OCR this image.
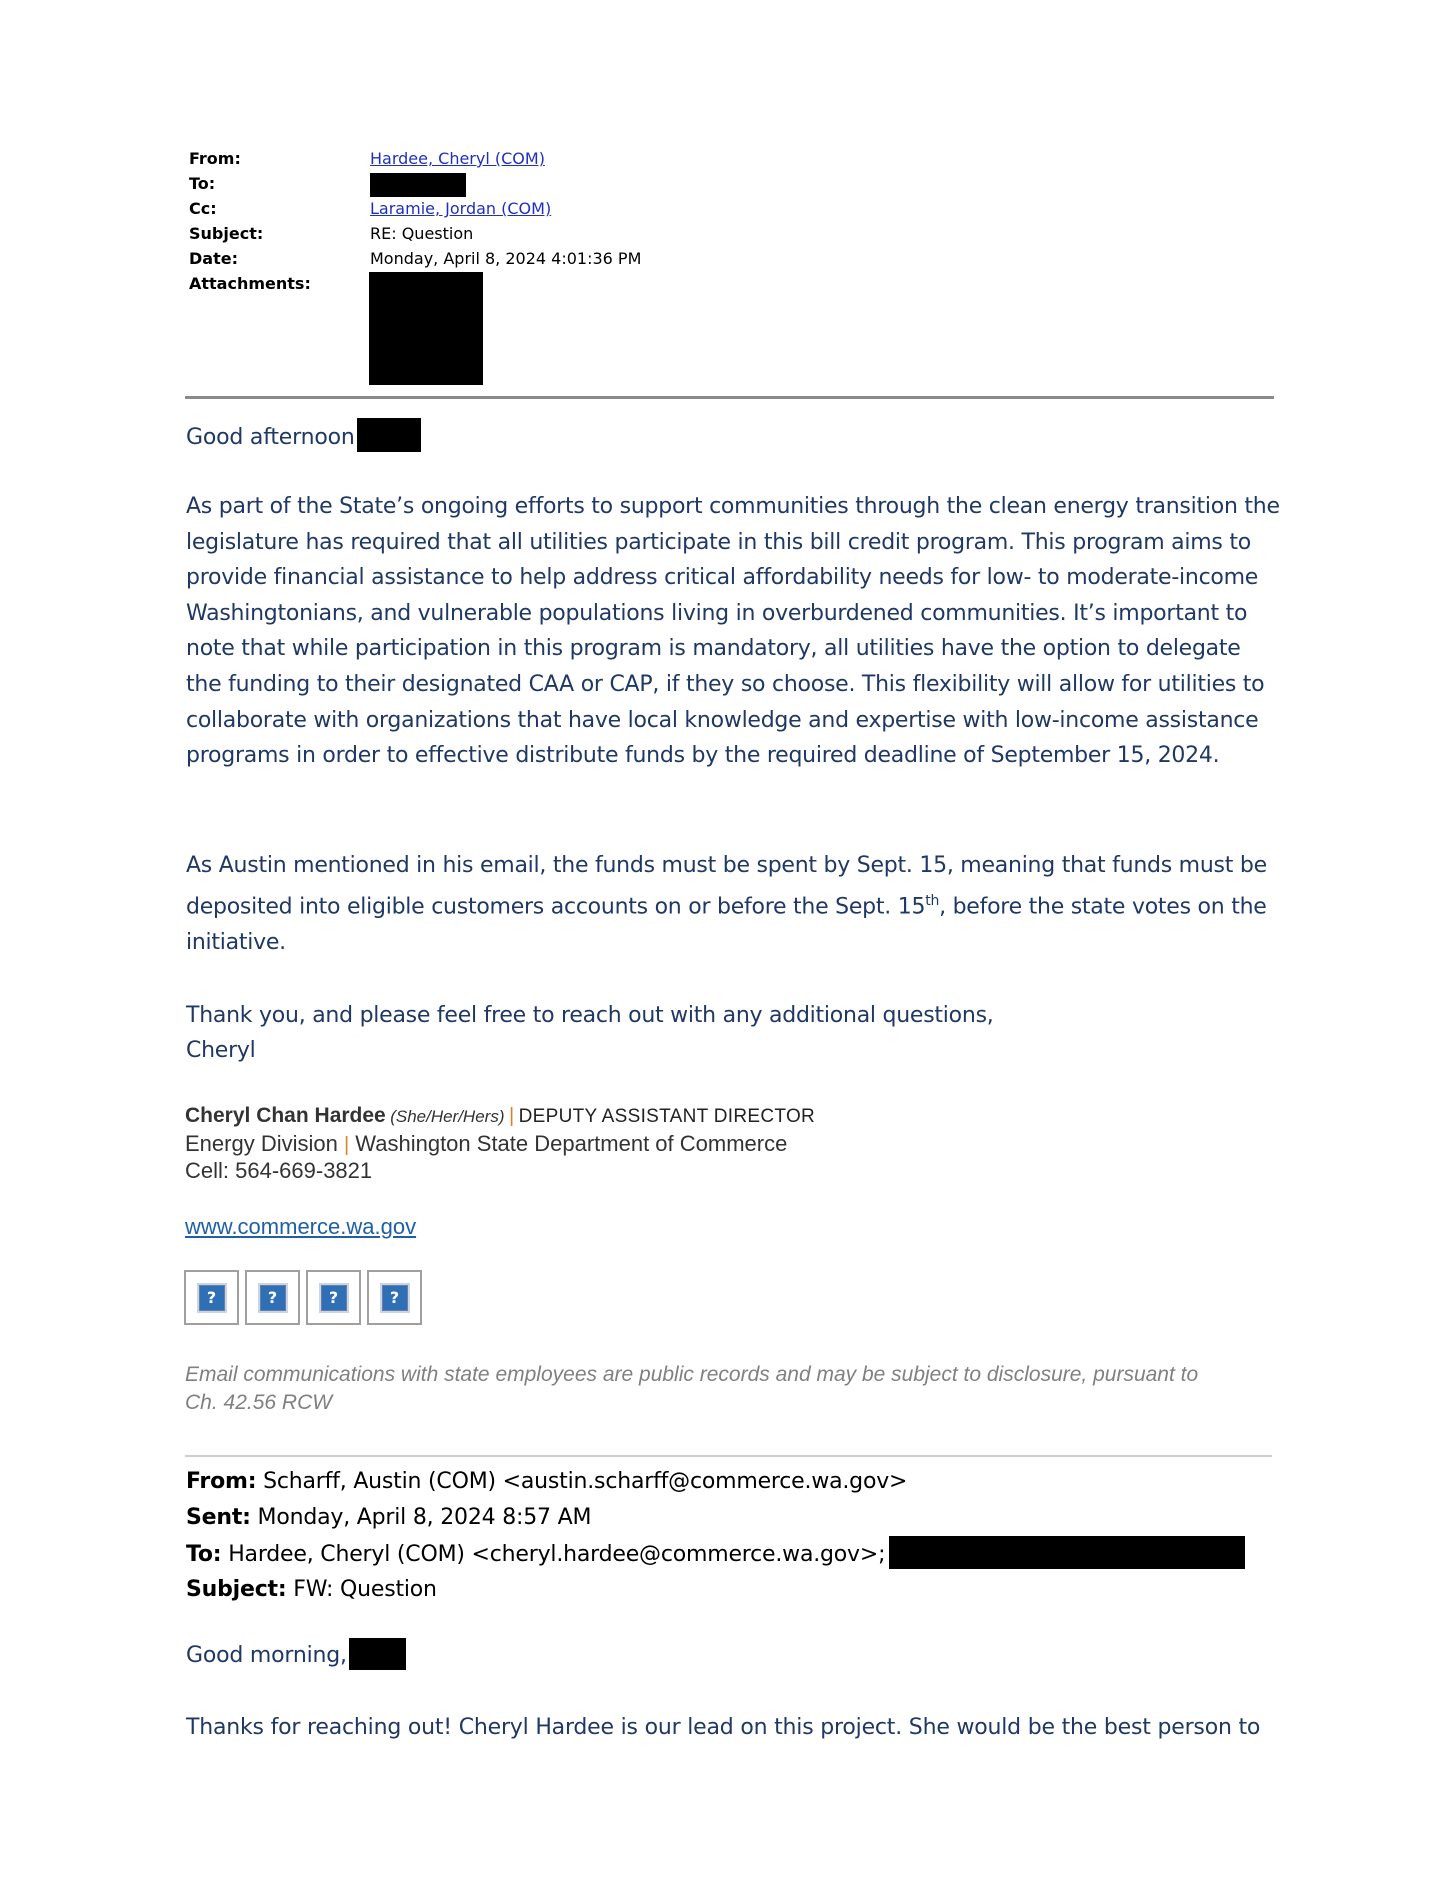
From:	Hardee, Cheryl (COM)
To:
Cc:	Laramie, Jordan (COM)
Subject:	RE: Question
Date:	Monday, April 8, 2024 4:01:36 PM
Attachments:
Good afternoon
As part of the State’s ongoing efforts to support communities through the clean energy transition the legislature has required that all utilities participate in this bill credit program. This program aims to provide financial assistance to help address critical affordability needs for low- to moderate-income Washingtonians, and vulnerable populations living in overburdened communities. It’s important to note that while participation in this program is mandatory, all utilities have the option to delegate the funding to their designated CAA or CAP, if they so choose. This flexibility will allow for utilities to collaborate with organizations that have local knowledge and expertise with low-income assistance programs in order to effective distribute funds by the required deadline of September 15, 2024.
As Austin mentioned in his email, the funds must be spent by Sept. 15, meaning that funds must be deposited into eligible customers accounts on or before the Sept. 15th, before the state votes on the initiative.
Thank you, and please feel free to reach out with any additional questions,
Cheryl
Cheryl Chan Hardee (She/Her/Hers) | DEPUTY ASSISTANT DIRECTOR
Energy Division | Washington State Department of Commerce
Cell: 564-669-3821
www.commerce.wa.gov
?	?	?	?
Email communications with state employees are public records and may be subject to disclosure, pursuant to Ch. 42.56 RCW
From: Scharff, Austin (COM) <austin.scharff@commerce.wa.gov>
Sent: Monday, April 8, 2024 8:57 AM
To: Hardee, Cheryl (COM) <cheryl.hardee@commerce.wa.gov>;
Subject: FW: Question
Good morning,
Thanks for reaching out! Cheryl Hardee is our lead on this project. She would be the best person to
